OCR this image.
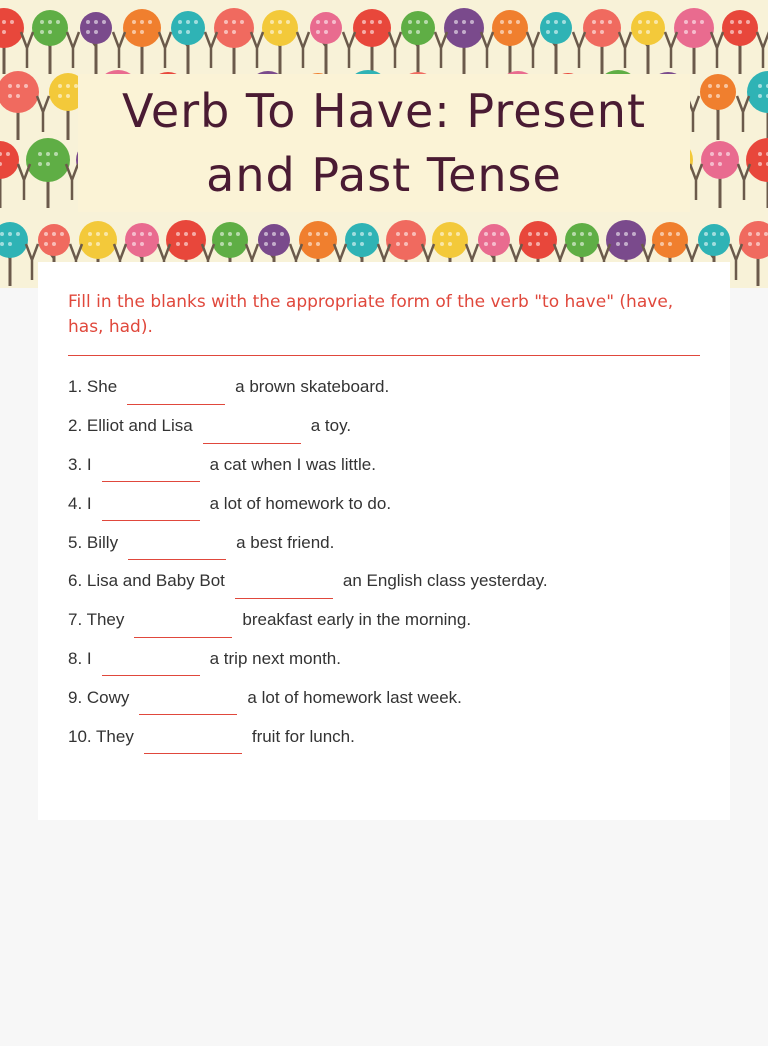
Verb To Have: Present
and Past Tense
Fill in the blanks with the appropriate form of the verb "to have" (have, has, had).
1. She	a brown skateboard.
2. Elliot and Lisa	a toy.
3. I	a cat when I was little.
4. I	a lot of homework to do.
5. Billy	a best friend.
6. Lisa and Baby Bot	an English class yesterday.
7. They	breakfast early in the morning.
8. I	a trip next month.
9. Cowy	a lot of homework last week.
10. They	fruit for lunch.
